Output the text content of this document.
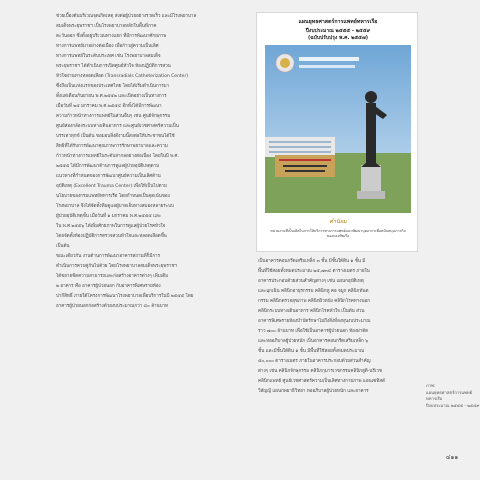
ช่วยเบื้องต้นบริเวณจุดเกิดเหตุ ส่งต่อผู้ป่วยอย่างรวดเร็ว และมีโรงพยาบาล
สมเด็จพระยุพราชฯ เป็นโรงพยาบาลหลักในพื้นที่ภาค
ตะวันออก ซึ่งตั้งอยู่บริเวณทางแยก ที่มีการพัฒนาศักยภาพ
ทางการแพทย์มาอย่างต่อเนื่อง เพื่อก้าวสู่ความเป็นเลิศ
ทางการแพทย์ในระดับประเทศ เช่น โรงพยาบาลสมเด็จ
พระยุพราชฯ ได้ดำเนินการเปิดศูนย์หัวใจ ห้องปฏิบัติการสวน
หัวใจผ่านทางหลอดเลือด (Transradials Catheterization Center)
ซึ่งถือเป็นแห่งแรกของประเทศไทย โดยได้เริ่มดำเนินการมา
ตั้งแต่เดือนกันยายน พ.ศ.๒๕๕๒ และเปิดอย่างเป็นทางการ
เมื่อวันที่ ๒๕ มกราคม พ.ศ.๒๕๕๔ อีกทั้งได้มีการพัฒนา
ความก้าวหน้าทางการแพทย์ในส่วนอื่นๆ เช่น ศูนย์จักษุกรรม
ศูนย์ส่องกล้องระบบทางเดินอาหาร และศูนย์เวชศาสตร์ความเป็น
บรรเทาทุกข์ เป็นต้น ขอมอบสิ่งดีงามนี้ส่งต่อให้ประชาชนได้ใช้
สิทธิที่ได้รับการพัฒนาคุณภาพการรักษาพยาบาลและความ
ก้าวหน้าทางการแพทย์ในระดับสากลอย่างต่อเนื่อง โดยในปี พ.ศ.
๒๕๕๕ ได้มีการพัฒนาด้านการดูแลผู้ป่วยอุบัติเหตุตาม
แนวทางที่กำหนดของการพัฒนาศูนย์ความเป็นเลิศด้าน
อุบัติเหตุ (Excellent Trauma Center) เพื่อให้เป็นไปตาม
นโยบายของกรมแพทย์ทหารเรือ โดยกำหนดเป็นจุดเน้นของ
โรงพยาบาล จึงได้จัดตั้งทีมดูแลผู้บาดเจ็บทางสมองหลายระบบ
ผู้ป่วยอุบัติเหตุขั้น เมื่อวันที่ ๑ มกราคม พ.ศ.๒๕๕๕ และ
ใน พ.ศ.๒๕๕๖ ได้เพิ่มศักยภาพในการดูแลผู้ป่วยโรคหัวใจ
โดยจัดตั้งห้องปฏิบัติการตรวจสวนหัวใจและหลอดเลือดขึ้น
เป็นต้น
ขณะเดียวกัน งานด้านการพัฒนาอาคารสถานที่ก็มีการ
ดำเนินการควบคู่กันไปด้วย โดยโรงพยาบาลสมเด็จพระยุพราชฯ
ได้ขยายขีดความสามารถและก่อสร้างอาคารต่างๆ เพิ่มเติม
๒ อาคาร คือ อาคารผู้ป่วยนอก กับอาคารพิเศษรายห้อง
ปากีสิทธิ์ ภายใต้โครงการพัฒนาโรงพยาบาลเพื่อบริการในปี ๒๕๕๕ โดย
อาคารผู้ป่วยนอกก่อสร้างด้วยงบประมาณกว่า ๘๐ ล้านบาท
แผนยุทธศาสตร์การแพทย์ทหารเรือ
ปีงบประมาณ ๒๕๕๕ - ๒๕๕๙
(ฉบับปรับปรุง พ.ศ. ๒๕๕๗)
คำนิยม
หน่วยงานที่เป็นเลิศในการให้บริการทางการแพทย์และพัฒนาบุคลากรเพื่อสนับสนุนภารกิจของกองทัพเรือ
เป็นอาคารคอนกรีตเสริมเหล็ก ๓ ชั้น มีชั้นใต้ดิน ๑ ชั้น มี
พื้นที่ใช้สอยทั้งหมดประมาณ ๒๕,๗๓๔ ตารางเมตร ภายใน
อาคารประกอบด้วยส่วนสำคัญต่างๆ เช่น แผนกอุบัติเหตุ
และฉุกเฉิน คลินิกอายุรกรรม คลินิกหู คอ จมูก คลินิกทันต
กรรม คลินิกตรวจสุขภาพ คลินิกผิวหนัง คลินิกโรคทางนอก
คลินิกระบบทางเดินอาหาร คลินิกโรคหัวใจ เป็นต้น ส่วน
อาคารพิเศษรายห้องบำบัดรักษาไม่ถึงสิ่งที่ลงทุนงบประมาณ
ราว ๗๐๐ ล้านบาท เพื่อใช้เป็นอาคารผู้ป่วยนอก ห้องผ่าตัด
และหออภิบาลผู้ป่วยหนัก เป็นอาคารคอนกรีตเสริมเหล็ก ๖
ชั้น และมีชั้นใต้ดิน ๑ ชั้น มีพื้นที่ใช้สอยทั้งหมดประมาณ
๕๐,๐๐๐ ตารางเมตร ภายในอาคารประกอบด้วยส่วนสำคัญ
ต่างๆ เช่น คลินิกจักษุกรรม คลินิกกุมารเวชกรรมคลินิกสูติ-นรีเวช
คลินิกแพทย์ ศูนย์เวชศาสตร์ความเป็นเลิศทางกายภาพ แอนเซทิสต์
วิสัญญี แผนกพยาธิวิทยา หออภิบาลผู้ป่วยหนัก และอาคาร
ภาพ:
แผนยุทธศาสตร์การแพทย์ทหารเรือ
ปีงบประมาณ ๒๕๕๕ - ๒๕๕๙
๔๑๑
